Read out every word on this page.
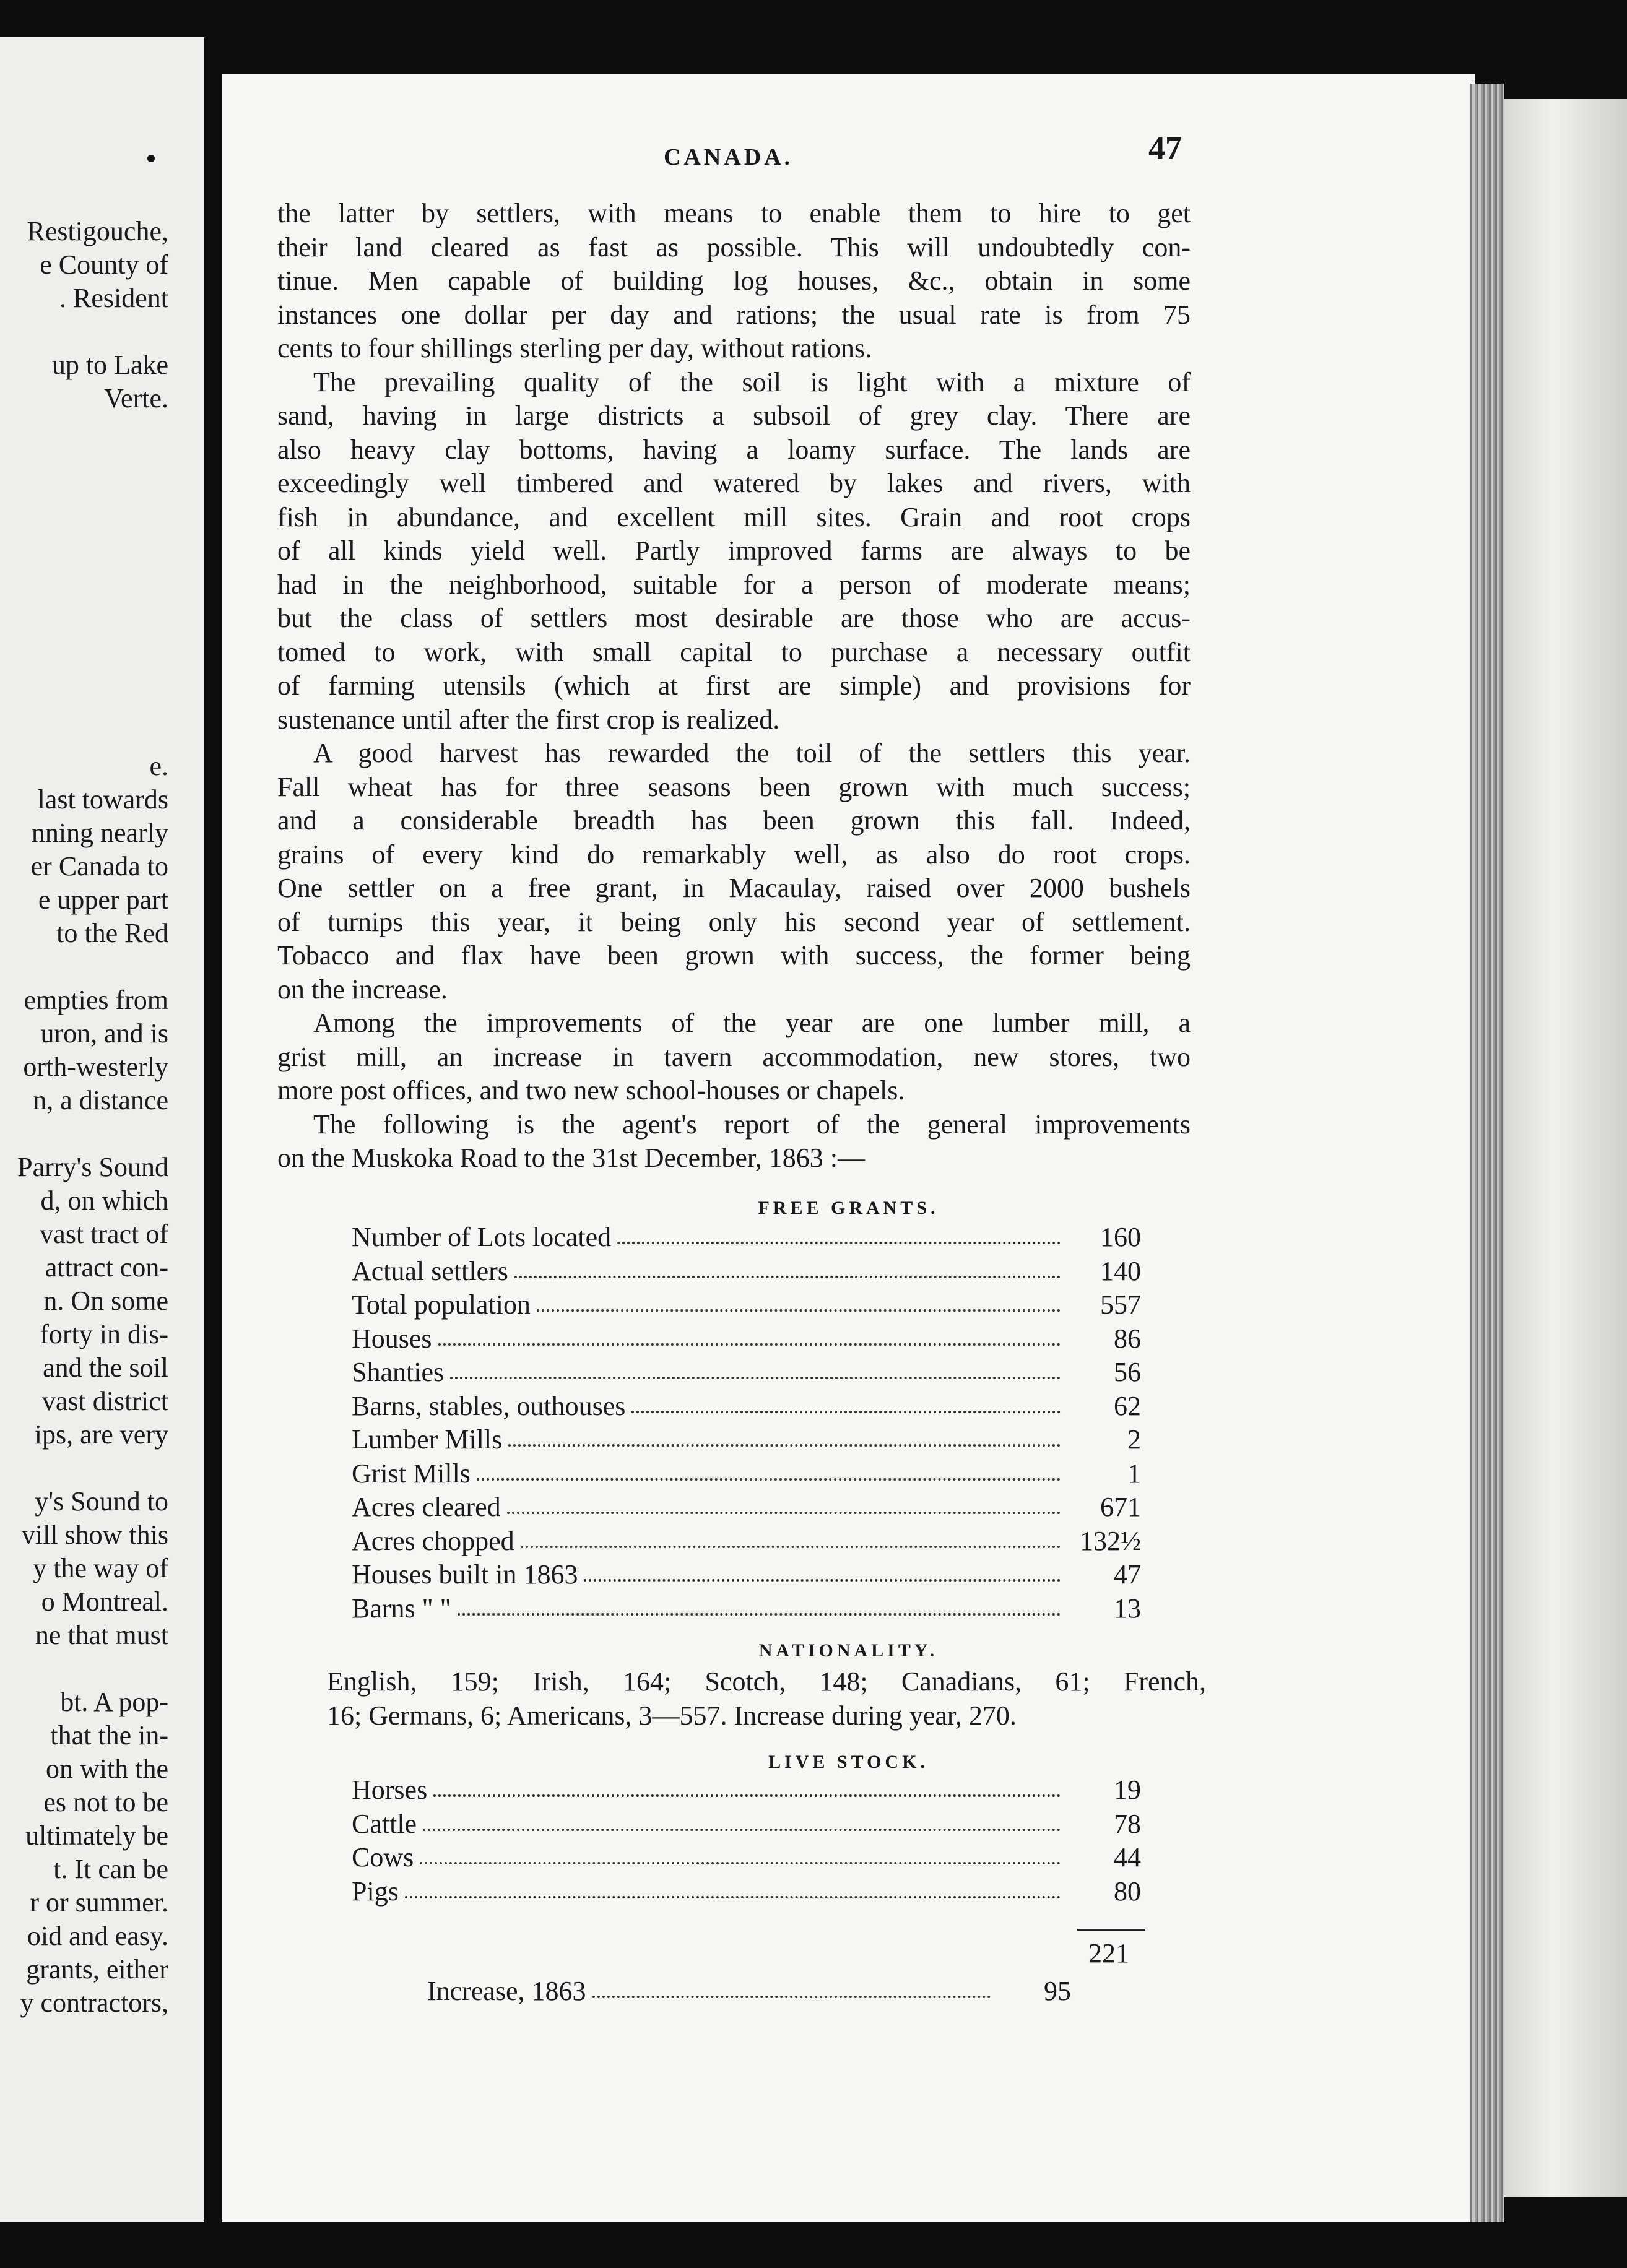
Restigouche,
e County of
. Resident
up to Lake
Verte.
e.
last towards
nning nearly
er Canada to
e upper part
to the Red
empties from
uron, and is
orth-westerly
n, a distance
Parry's Sound
d, on which
vast tract of
attract con-
n. On some
forty in dis-
and the soil
vast district
ips, are very
y's Sound to
vill show this
y the way of
o Montreal.
ne that must
bt. A pop-
that the in-
on with the
es not to be
ultimately be
t. It can be
r or summer.
oid and easy.
grants, either
y contractors,
CANADA.	47
the latter by settlers, with means to enable them to hire to get
their land cleared as fast as possible. This will undoubtedly con-
tinue. Men capable of building log houses, &c., obtain in some
instances one dollar per day and rations; the usual rate is from 75
cents to four shillings sterling per day, without rations.
The prevailing quality of the soil is light with a mixture of
sand, having in large districts a subsoil of grey clay. There are
also heavy clay bottoms, having a loamy surface. The lands are
exceedingly well timbered and watered by lakes and rivers, with
fish in abundance, and excellent mill sites. Grain and root crops
of all kinds yield well. Partly improved farms are always to be
had in the neighborhood, suitable for a person of moderate means;
but the class of settlers most desirable are those who are accus-
tomed to work, with small capital to purchase a necessary outfit
of farming utensils (which at first are simple) and provisions for
sustenance until after the first crop is realized.
A good harvest has rewarded the toil of the settlers this year.
Fall wheat has for three seasons been grown with much success;
and a considerable breadth has been grown this fall. Indeed,
grains of every kind do remarkably well, as also do root crops.
One settler on a free grant, in Macaulay, raised over 2000 bushels
of turnips this year, it being only his second year of settlement.
Tobacco and flax have been grown with success, the former being
on the increase.
Among the improvements of the year are one lumber mill, a
grist mill, an increase in tavern accommodation, new stores, two
more post offices, and two new school-houses or chapels.
The following is the agent's report of the general improvements
on the Muskoka Road to the 31st December, 1863 :—
FREE GRANTS.
Number of Lots located	160
Actual settlers	140
Total population	557
Houses	86
Shanties	56
Barns, stables, outhouses	62
Lumber Mills	2
Grist Mills	1
Acres cleared	671
Acres chopped	132½
Houses built in 1863	47
Barns " "	13
NATIONALITY.
English, 159; Irish, 164; Scotch, 148; Canadians, 61; French,
16; Germans, 6; Americans, 3—557. Increase during year, 270.
LIVE STOCK.
Horses	19
Cattle	78
Cows	44
Pigs	80
221
Increase, 1863	95
